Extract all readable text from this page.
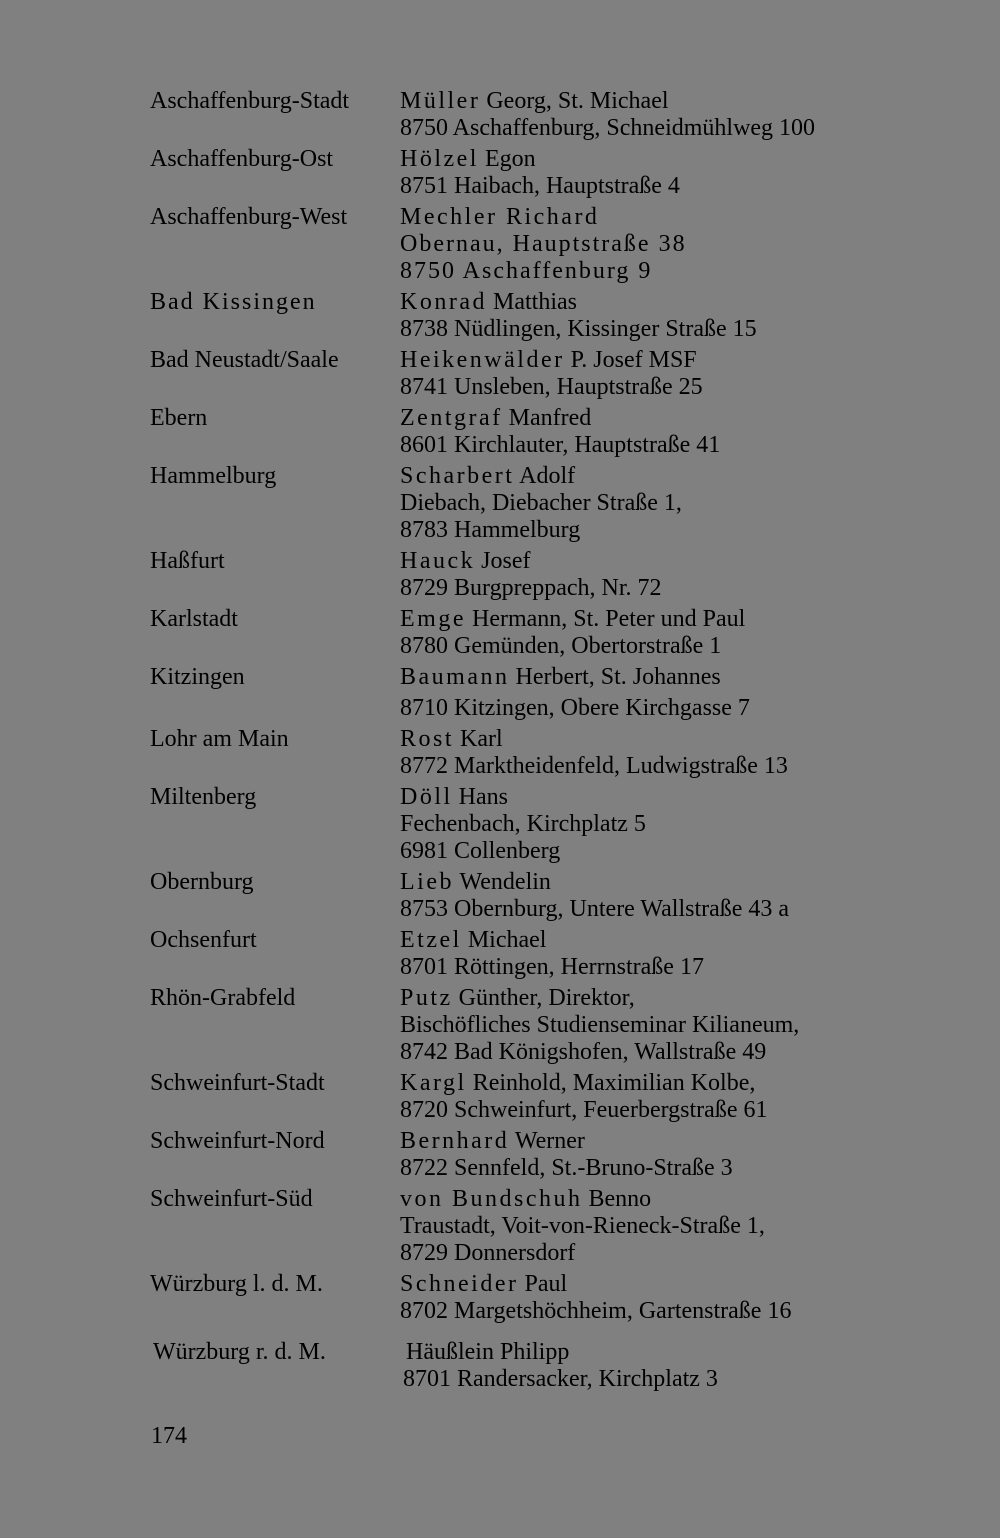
Aschaffenburg-Stadt	Müller Georg, St. Michael
8750 Aschaffenburg, Schneidmühlweg 100
Aschaffenburg-Ost	Hölzel Egon
8751 Haibach, Hauptstraße 4
Aschaffenburg-West	Mechler Richard
Obernau, Hauptstraße 38
8750 Aschaffenburg 9
Bad Kissingen	Konrad Matthias
8738 Nüdlingen, Kissinger Straße 15
Bad Neustadt/Saale	Heikenwälder P. Josef MSF
8741 Unsleben, Hauptstraße 25
Ebern	Zentgraf Manfred
8601 Kirchlauter, Hauptstraße 41
Hammelburg	Scharbert Adolf
Diebach, Diebacher Straße 1,
8783 Hammelburg
Haßfurt	Hauck Josef
8729 Burgpreppach, Nr. 72
Karlstadt	Emge Hermann, St. Peter und Paul
8780 Gemünden, Obertorstraße 1
Kitzingen	Baumann Herbert, St. Johannes
8710 Kitzingen, Obere Kirchgasse 7
Lohr am Main	Rost Karl
8772 Marktheidenfeld, Ludwigstraße 13
Miltenberg	Döll Hans
Fechenbach, Kirchplatz 5
6981 Collenberg
Obernburg	Lieb Wendelin
8753 Obernburg, Untere Wallstraße 43 a
Ochsenfurt	Etzel Michael
8701 Röttingen, Herrnstraße 17
Rhön-Grabfeld	Putz Günther, Direktor,
Bischöfliches Studienseminar Kilianeum,
8742 Bad Königshofen, Wallstraße 49
Schweinfurt-Stadt	Kargl Reinhold, Maximilian Kolbe,
8720 Schweinfurt, Feuerbergstraße 61
Schweinfurt-Nord	Bernhard Werner
8722 Sennfeld, St.-Bruno-Straße 3
Schweinfurt-Süd	von Bundschuh Benno
Traustadt, Voit-von-Rieneck-Straße 1,
8729 Donnersdorf
Würzburg l. d. M.	Schneider Paul
8702 Margetshöchheim, Gartenstraße 16
Würzburg r. d. M.	Häußlein Philipp
8701 Randersacker, Kirchplatz 3
174
